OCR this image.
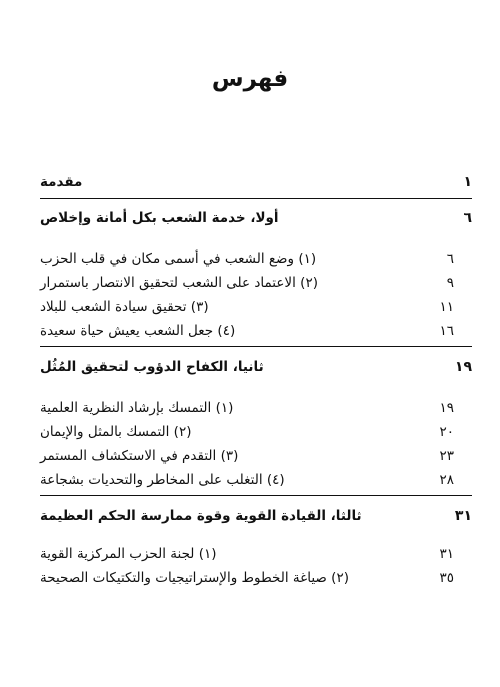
فهرس
مقدمة	١
أولا، خدمة الشعب بكل أمانة وإخلاص	٦
(١) وضع الشعب في أسمى مكان في قلب الحزب	٦
(٢) الاعتماد على الشعب لتحقيق الانتصار باستمرار	٩
(٣) تحقيق سيادة الشعب للبلاد	١١
(٤) جعل الشعب يعيش حياة سعيدة	١٦
ثانيا، الكفاح الدؤوب لتحقيق المُثُل	١٩
(١) التمسك بإرشاد النظرية العلمية	١٩
(٢) التمسك بالمثل والإيمان	٢٠
(٣) التقدم في الاستكشاف المستمر	٢٣
(٤) التغلب على المخاطر والتحديات بشجاعة	٢٨
ثالثا، القيادة القوية وقوة ممارسة الحكم العظيمة	٣١
(١) لجنة الحزب المركزية القوية	٣١
(٢) صياغة الخطوط والإستراتيجيات والتكتيكات الصحيحة	٣٥
